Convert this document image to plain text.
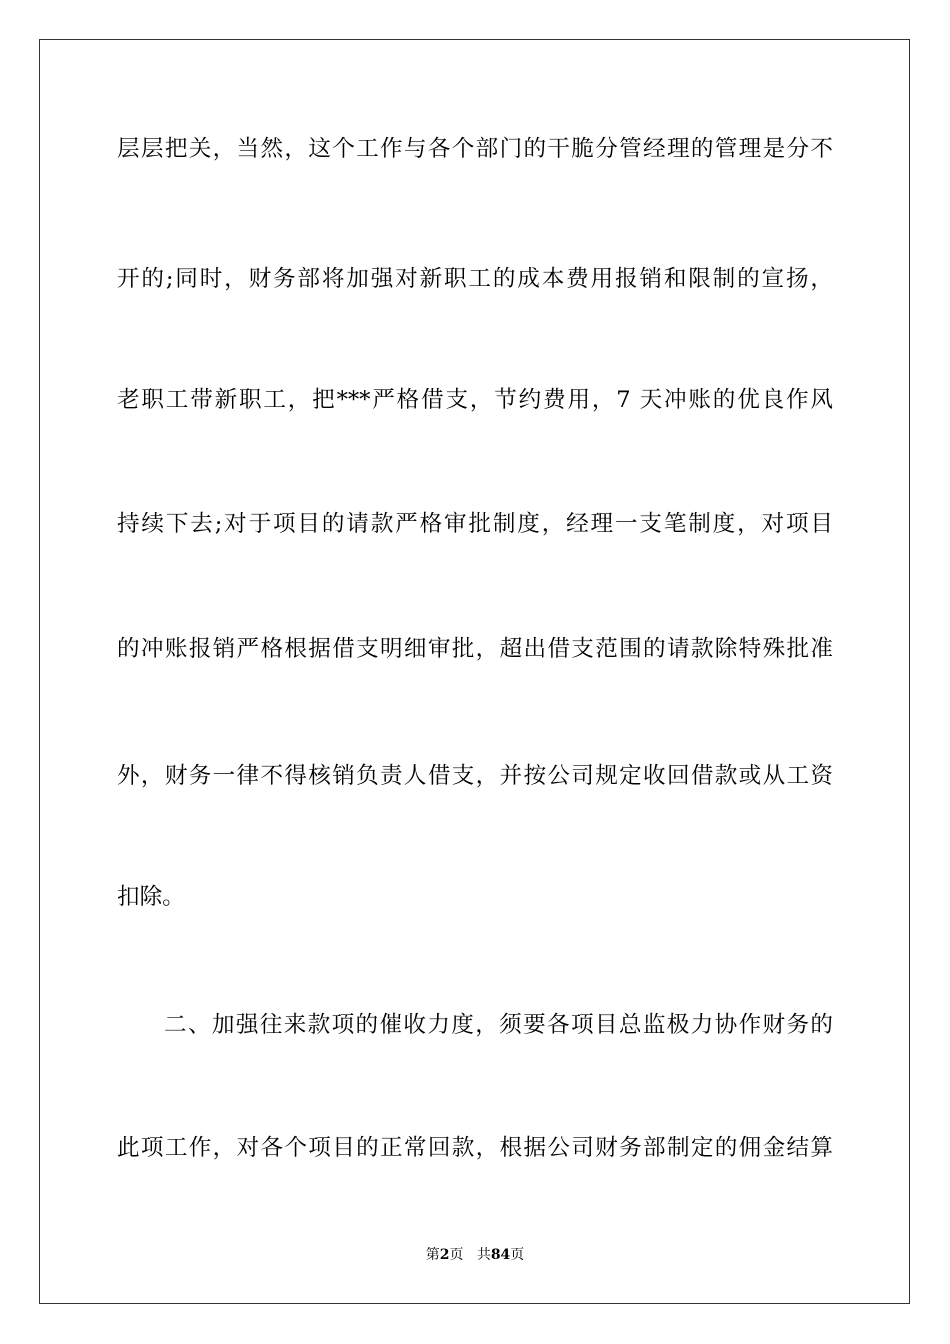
层层把关，当然，这个工作与各个部门的干脆分管经理的管理是分不
开的;同时，财务部将加强对新职工的成本费用报销和限制的宣扬，
老职工带新职工，把***严格借支，节约费用，7 天冲账的优良作风
持续下去;对于项目的请款严格审批制度，经理一支笔制度，对项目
的冲账报销严格根据借支明细审批，超出借支范围的请款除特殊批准
外，财务一律不得核销负责人借支，并按公司规定收回借款或从工资
扣除。
二、加强往来款项的催收力度，须要各项目总监极力协作财务的
此项工作，对各个项目的正常回款，根据公司财务部制定的佣金结算
第2页 共84页
